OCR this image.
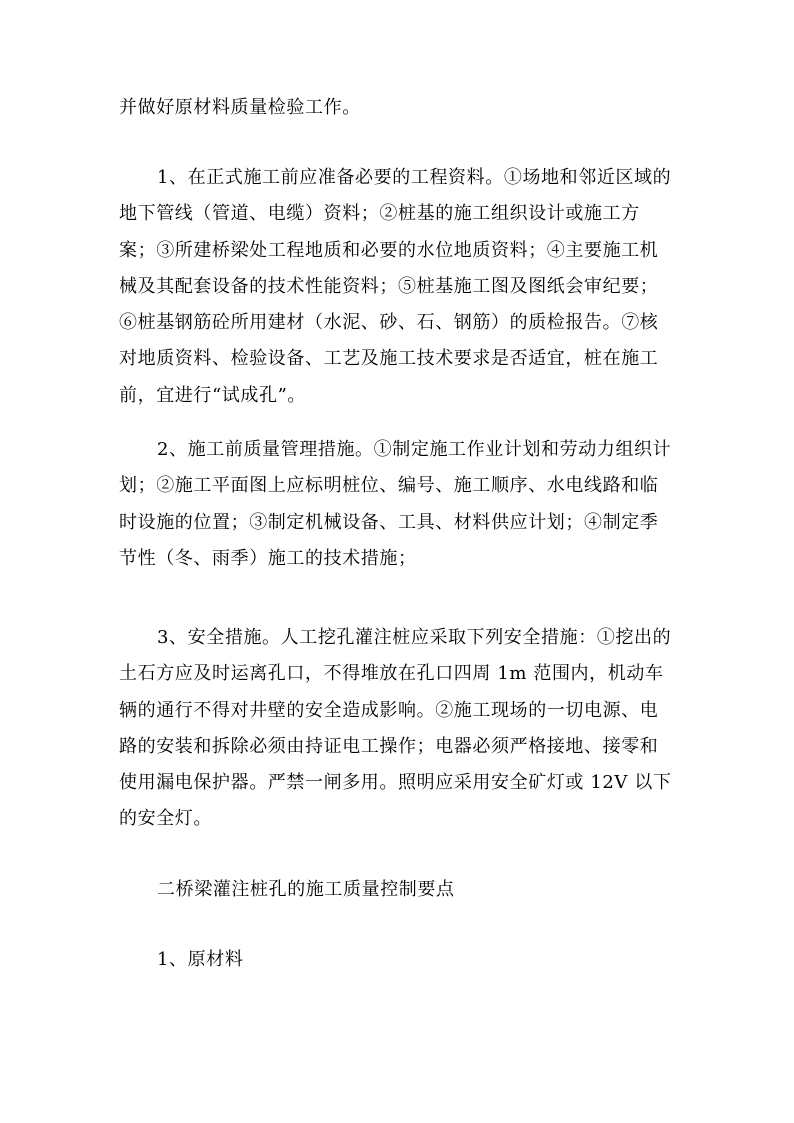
并做好原材料质量检验工作。

1、在正式施工前应准备必要的工程资料。①场地和邻近区域的
地下管线（管道、电缆）资料；②桩基的施工组织设计或施工方
案；③所建桥梁处工程地质和必要的水位地质资料；④主要施工机
械及其配套设备的技术性能资料；⑤桩基施工图及图纸会审纪要；
⑥桩基钢筋砼所用建材（水泥、砂、石、钢筋）的质检报告。⑦核
对地质资料、检验设备、工艺及施工技术要求是否适宜，桩在施工
前，宜进行“试成孔”。

2、施工前质量管理措施。①制定施工作业计划和劳动力组织计
划；②施工平面图上应标明桩位、编号、施工顺序、水电线路和临
时设施的位置；③制定机械设备、工具、材料供应计划；④制定季
节性（冬、雨季）施工的技术措施；

3、安全措施。人工挖孔灌注桩应采取下列安全措施：①挖出的
土石方应及时运离孔口，不得堆放在孔口四周 1m 范围内，机动车
辆的通行不得对井壁的安全造成影响。②施工现场的一切电源、电
路的安装和拆除必须由持证电工操作；电器必须严格接地、接零和
使用漏电保护器。严禁一闸多用。照明应采用安全矿灯或 12V 以下
的安全灯。

二桥梁灌注桩孔的施工质量控制要点

1、原材料
